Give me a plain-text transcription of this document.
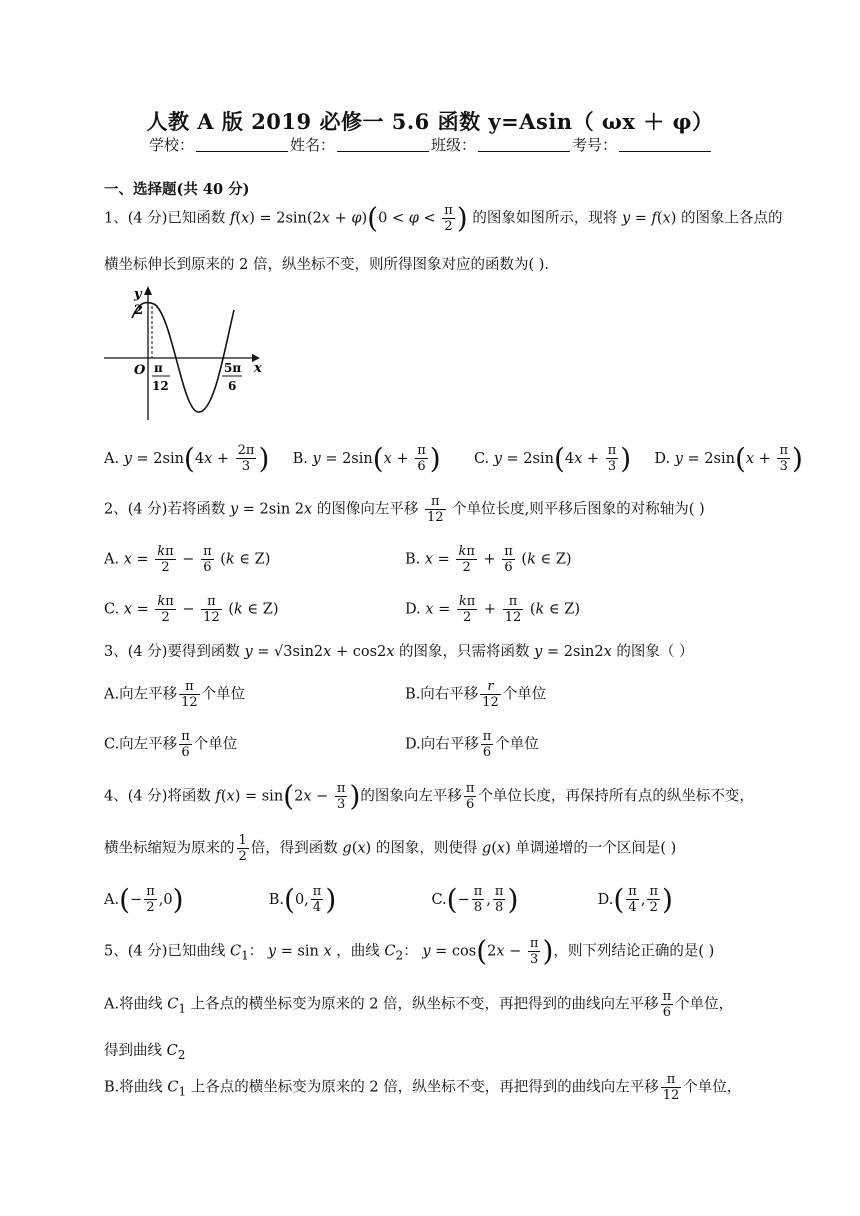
人教 A 版 2019 必修一 5.6 函数 y=Asin（ ωx ＋ φ）
学校：	姓名：	班级：	考号：
一、选择题(共 40 分)
1、(4 分)已知函数 $f(x) = 2\sin(2x + \varphi)(0 < \varphi < \frac{\pi}{2}$ ) 的图象如图所示，现将 y = f(x) 的图象上各点的
横坐标伸长到原来的 2 倍，纵坐标不变，则所得图象对应的函数为( ).
y
x
2
O π
12
5π
6
A. $y = 2\sin(4x + \frac{2\pi}{3}$ ) B. $y = 2\sin(x + \frac{\pi}{6}$ ) C. $y = 2\sin(4x + \frac{\pi}{3}$ ) D. $y = 2\sin(x + \frac{\pi}{3}$ )
2、(4 分)若将函数 y = 2sin 2x 的图像向左平移 $\frac{\pi}{12}$ 个单位长度,则平移后图象的对称轴为( )
A. $x = \frac{k\pi}{2} - \frac{\pi}{6} (k$ ∈ Z)	B. $x = \frac{k\pi}{2} + \frac{\pi}{6} (k$ ∈ Z)
C. $x = \frac{k\pi}{2} - \frac{\pi}{12} (k$ ∈ Z)	D. $x = \frac{k\pi}{2} + \frac{\pi}{12} (k$ ∈ Z)
3、(4 分)要得到函数 y = √3sin2x + cos2x 的图象，只需将函数 y = 2sin2x 的图象（ ）
A.向左平移 $\frac{\pi}{12}$ 个单位	B.向右平移 $\frac{r}{12}$ 个单位
C.向左平移 $\frac{\pi}{6}$ 个单位	D.向右平移 $\frac{\pi}{6}$ 个单位
4、(4 分)将函数 $f(x) = \sin(2x - \frac{\pi}{3}$ )的图象向左平移 $\frac{\pi}{6}$ 个单位长度，再保持所有点的纵坐标不变，
横坐标缩短为原来的 $\frac{1}{2}$ 倍，得到函数 g(x) 的图象，则使得 g(x) 单调递增的一个区间是( )
$A.(- \frac{\pi}{2} ,0)$	B.(0, $\frac{\pi}{4}$ )	$C.(- \frac{\pi}{8}$ , $\frac{\pi}{8}$ )	$D.( \frac{\pi}{4}$ , $\frac{\pi}{2}$ )
5、(4 分)已知曲线 $C_1$： y = sin x ，曲线 $C_2$： $y = \cos(2x - \frac{\pi}{3}$ )，则下列结论正确的是( )
A.将曲线 $C_1$ 上各点的横坐标变为原来的 2 倍，纵坐标不变，再把得到的曲线向左平移 $\frac{\pi}{6}$ 个单位，
得到曲线 $C_2$
B.将曲线 $C_1$ 上各点的横坐标变为原来的 2 倍，纵坐标不变，再把得到的曲线向左平移 $\frac{\pi}{12}$ 个单位，
